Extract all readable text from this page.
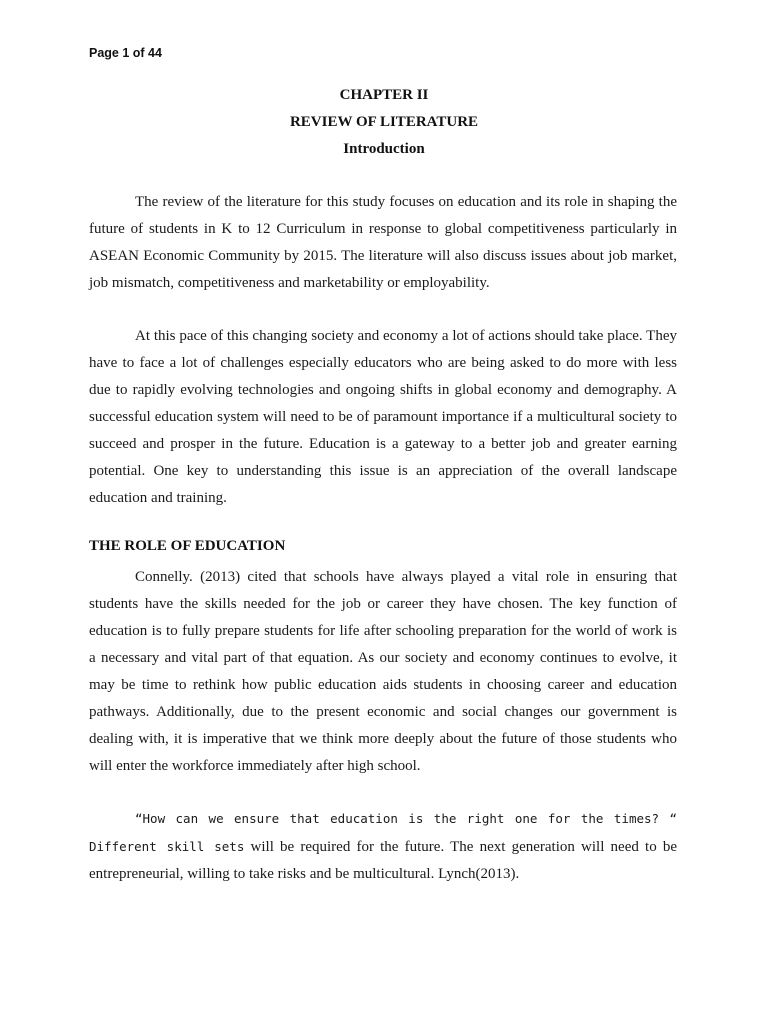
Page 1 of 44
CHAPTER II
REVIEW OF LITERATURE
Introduction

The review of the literature for this study focuses on education and its role in shaping the future of students in K to 12 Curriculum in response to global competitiveness particularly in ASEAN Economic Community by 2015. The literature will also discuss issues about job market, job mismatch, competitiveness and marketability or employability.

At this pace of this changing society and economy a lot of actions should take place. They have to face a lot of challenges especially educators who are being asked to do more with less due to rapidly evolving technologies and ongoing shifts in global economy and demography. A successful education system will need to be of paramount importance if a multicultural society to succeed and prosper in the future. Education is a gateway to a better job and greater earning potential. One key to understanding this issue is an appreciation of the overall landscape education and training.

THE ROLE OF EDUCATION

Connelly. (2013) cited that schools have always played a vital role in ensuring that students have the skills needed for the job or career they have chosen. The key function of education is to fully prepare students for life after schooling preparation for the world of work is a necessary and vital part of that equation. As our society and economy continues to evolve, it may be time to rethink how public education aids students in choosing career and education pathways. Additionally, due to the present economic and social changes our government is dealing with, it is imperative that we think more deeply about the future of those students who will enter the workforce immediately after high school.

“How can we ensure that education is the right one for the times? “ Different skill sets will be required for the future. The next generation will need to be entrepreneurial, willing to take risks and be multicultural. Lynch(2013).
